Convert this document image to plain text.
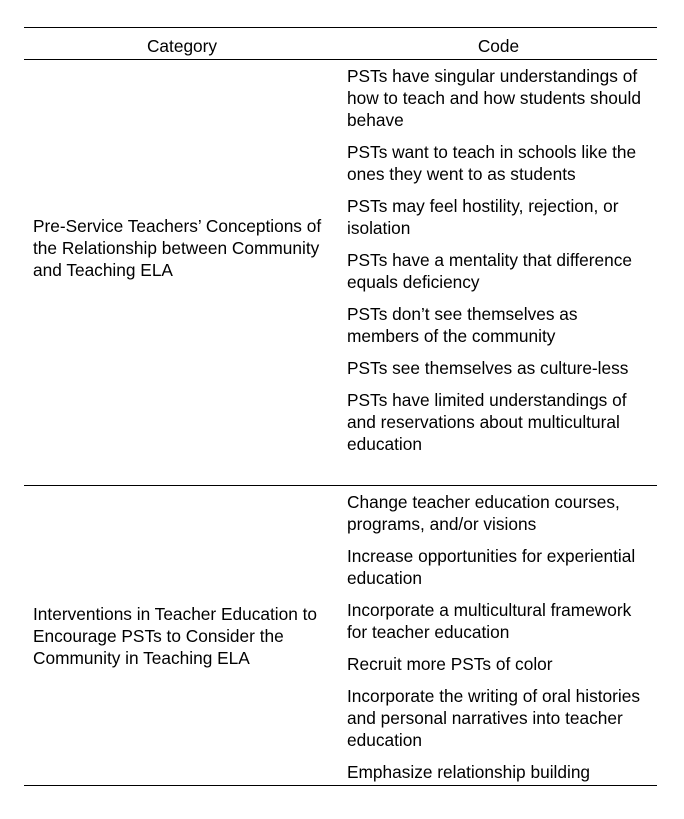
Category	Code
Pre-Service Teachers’ Conceptions of the Relationship between Community and Teaching ELA
PSTs have singular understandings of how to teach and how students should behave
PSTs want to teach in schools like the ones they went to as students
PSTs may feel hostility, rejection, or isolation
PSTs have a mentality that difference equals deficiency
PSTs don’t see themselves as members of the community
PSTs see themselves as culture-less
PSTs have limited understandings of and reservations about multicultural education
Interventions in Teacher Education to Encourage PSTs to Consider the Community in Teaching ELA
Change teacher education courses, programs, and/or visions
Increase opportunities for experiential education
Incorporate a multicultural framework for teacher education
Recruit more PSTs of color
Incorporate the writing of oral histories and personal narratives into teacher education
Emphasize relationship building
